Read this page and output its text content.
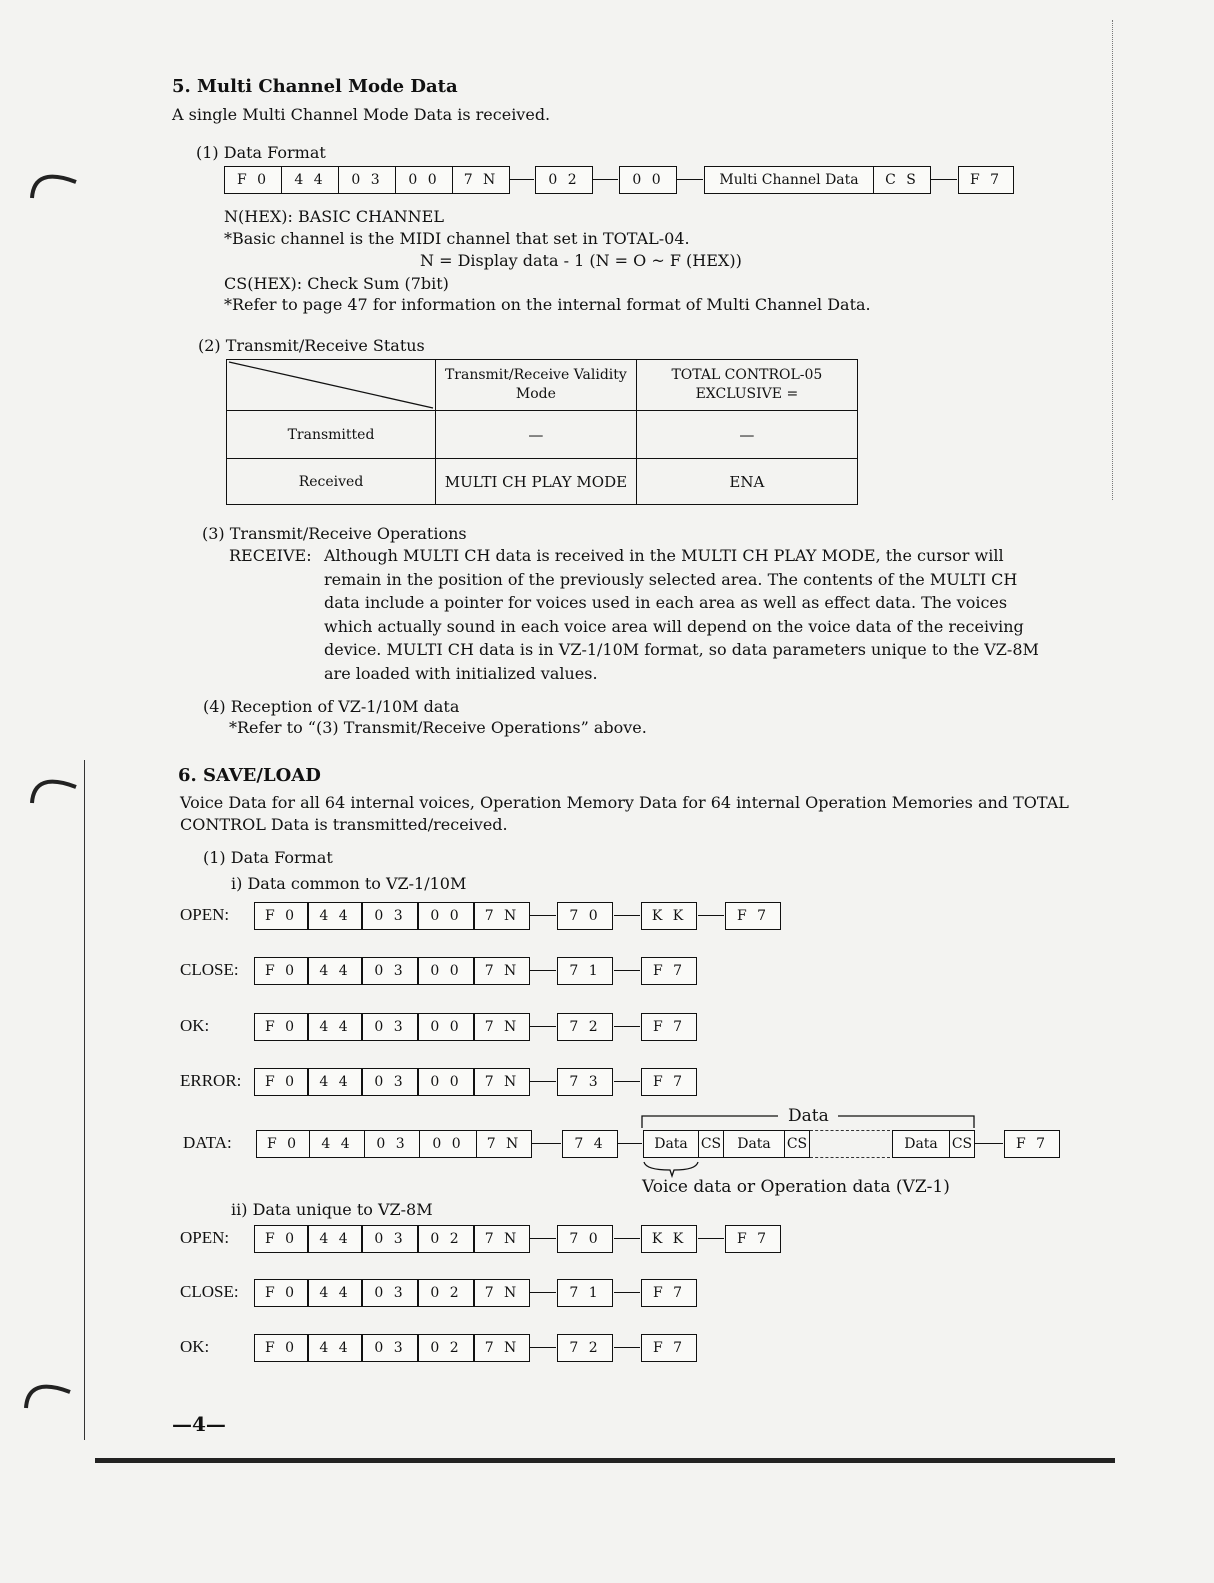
5. Multi Channel Mode Data
A single Multi Channel Mode Data is received.
(1) Data Format
F 0	4 4	0 3	0 0	7 N	0 2	0 0	Multi Channel Data	C S	F 7
N(HEX): BASIC CHANNEL
*Basic channel is the MIDI channel that set in TOTAL-04.
N = Display data - 1 (N = O ~ F (HEX))
CS(HEX): Check Sum (7bit)
*Refer to page 47 for information on the internal format of Multi Channel Data.
(2) Transmit/Receive Status
	Transmit/Receive Validity Mode	TOTAL CONTROL-05 EXCLUSIVE =
Transmitted	—	—
Received	MULTI CH PLAY MODE	ENA
(3) Transmit/Receive Operations
RECEIVE: Although MULTI CH data is received in the MULTI CH PLAY MODE, the cursor will remain in the position of the previously selected area. The contents of the MULTI CH data include a pointer for voices used in each area as well as effect data. The voices which actually sound in each voice area will depend on the voice data of the receiving device. MULTI CH data is in VZ-1/10M format, so data parameters unique to the VZ-8M are loaded with initialized values.
(4) Reception of VZ-1/10M data
*Refer to “(3) Transmit/Receive Operations” above.
6. SAVE/LOAD
Voice Data for all 64 internal voices, Operation Memory Data for 64 internal Operation Memories and TOTAL
CONTROL Data is transmitted/received.
(1) Data Format
i) Data common to VZ-1/10M
OPEN:	F 0	4 4	0 3	0 0	7 N	7 0	K K	F 7
CLOSE:	F 0	4 4	0 3	0 0	7 N	7 1	F 7
OK:	F 0	4 4	0 3	0 0	7 N	7 2	F 7
ERROR:	F 0	4 4	0 3	0 0	7 N	7 3	F 7
DATA:	F 0	4 4	0 3	0 0	7 N	7 4	Data CS	Data	CS	Data	CS	F 7
Data
Voice data or Operation data (VZ-1)
ii) Data unique to VZ-8M
OPEN:	F 0	4 4	0 3	0 2	7 N	7 0	K K	F 7
CLOSE:	F 0	4 4	0 3	0 2	7 N	7 1	F 7
OK:	F 0	4 4	0 3	0 2	7 N	7 2	F 7
—4—
